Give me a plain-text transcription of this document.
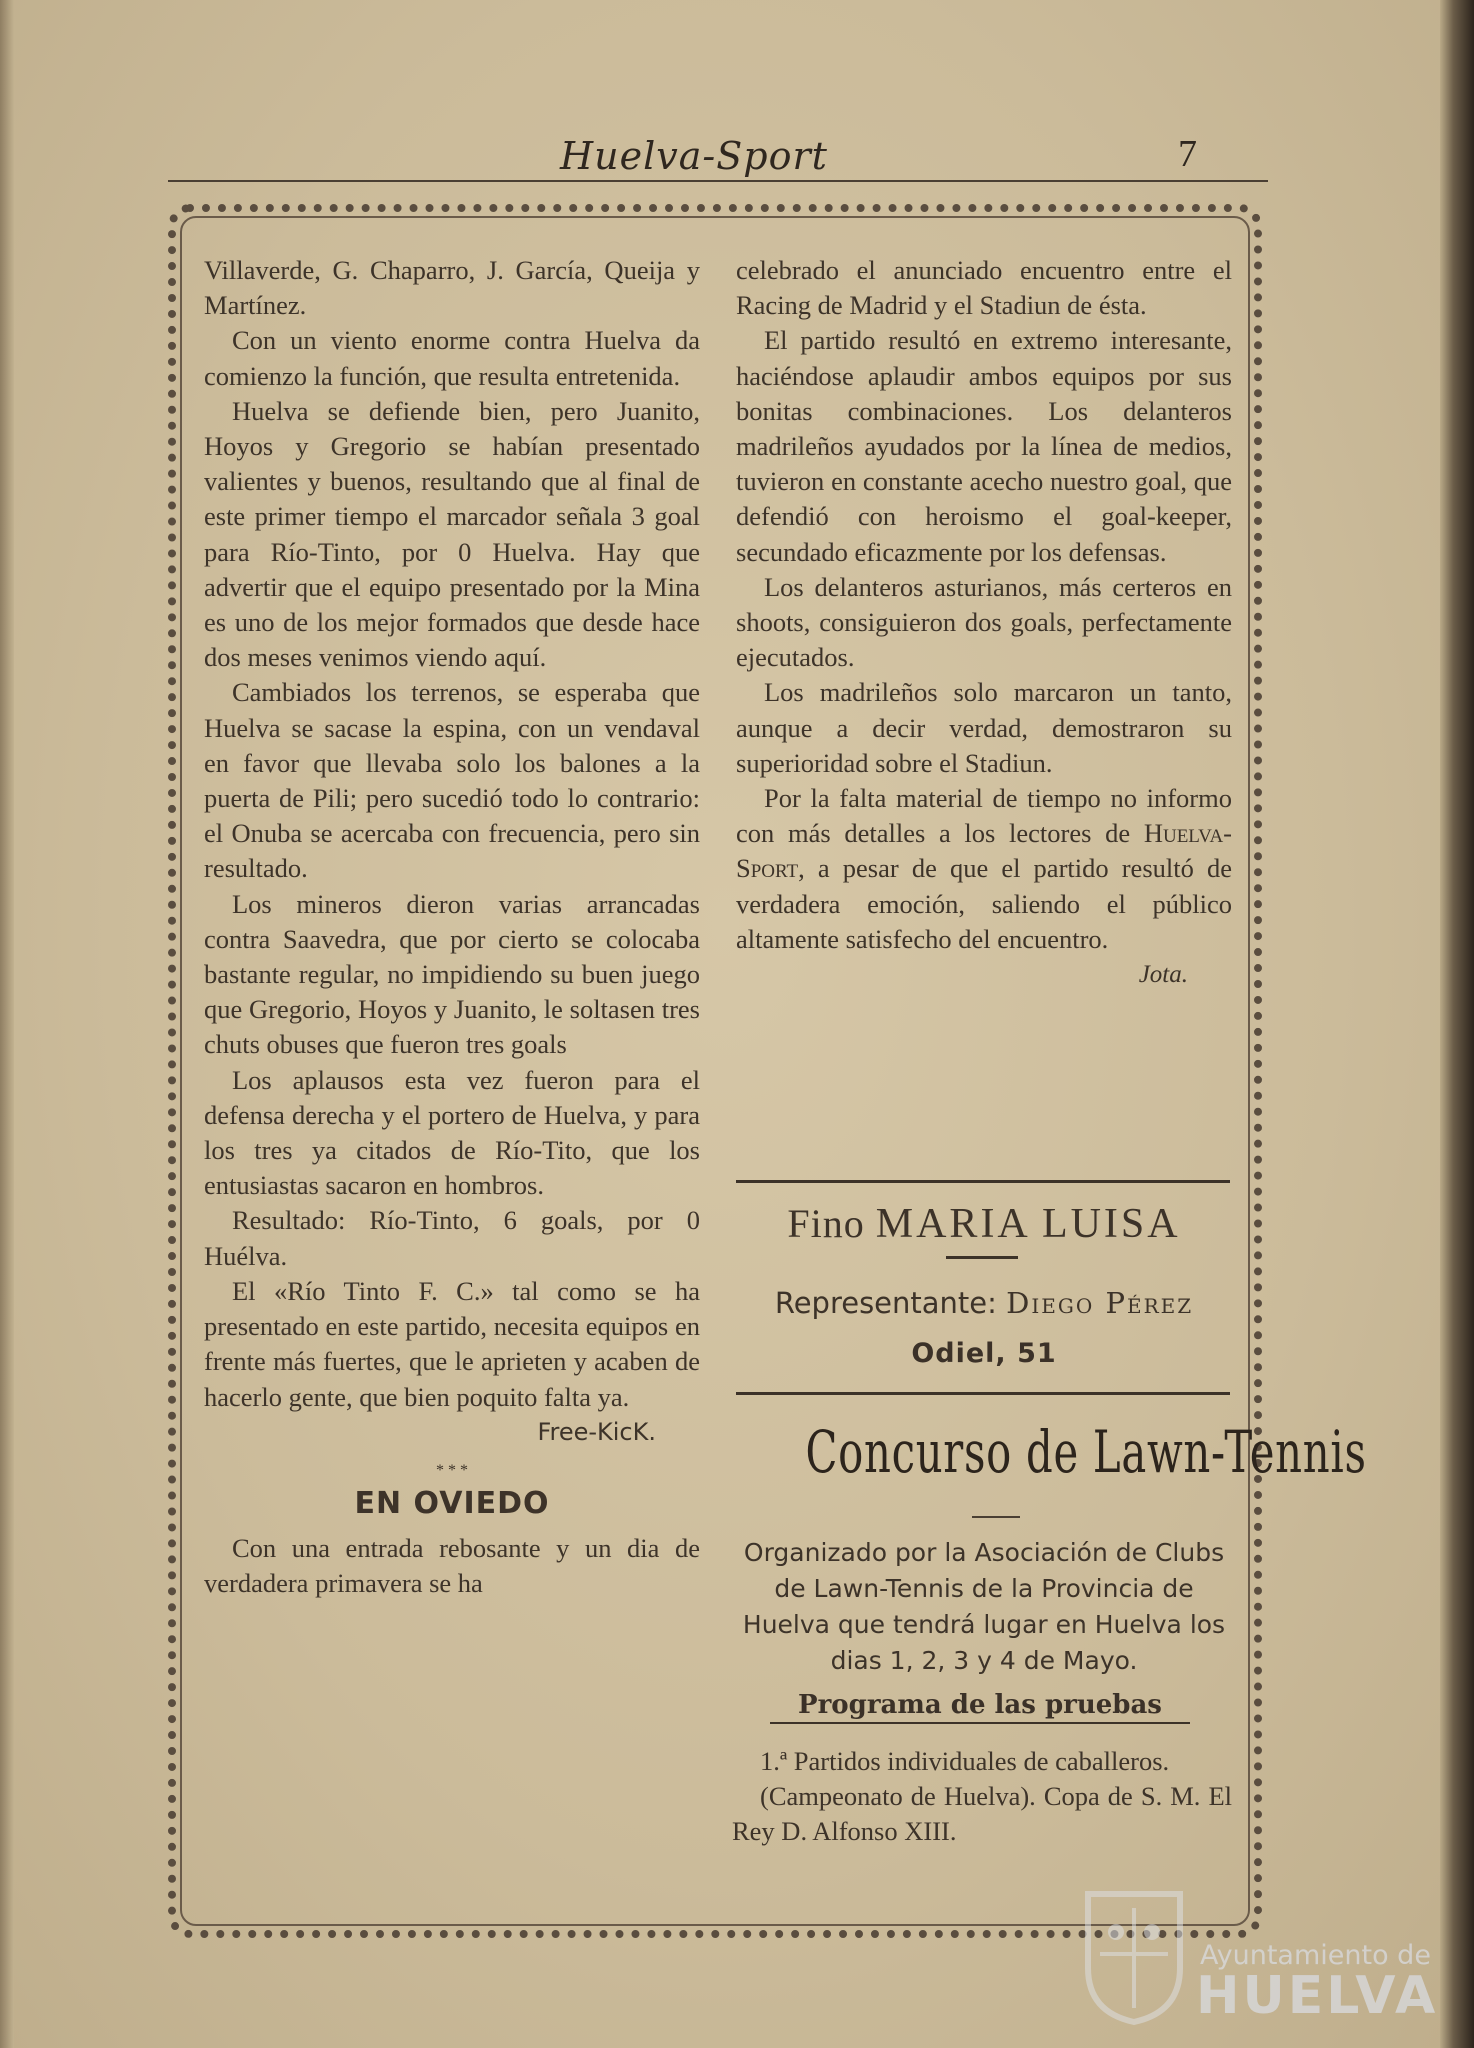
Huelva-Sport	7

Villaverde, G. Chaparro, J. García, Queija y Martínez.

Con un viento enorme contra Huelva da comienzo la función, que resulta entretenida.

Huelva se defiende bien, pero Juanito, Hoyos y Gregorio se habían presentado valientes y buenos, resultando que al final de este primer tiempo el marcador señala 3 goal para Río-Tinto, por 0 Huelva. Hay que advertir que el equipo presentado por la Mina es uno de los mejor formados que desde hace dos meses venimos viendo aquí.

Cambiados los terrenos, se esperaba que Huelva se sacase la espina, con un vendaval en favor que llevaba solo los balones a la puerta de Pili; pero sucedió todo lo contrario: el Onuba se acercaba con frecuencia, pero sin resultado.

Los mineros dieron varias arrancadas contra Saavedra, que por cierto se colocaba bastante regular, no impidiendo su buen juego que Gregorio, Hoyos y Juanito, le soltasen tres chuts obuses que fueron tres goals

Los aplausos esta vez fueron para el defensa derecha y el portero de Huelva, y para los tres ya citados de Río-Tito, que los entusiastas sacaron en hombros.

Resultado: Río-Tinto, 6 goals, por 0 Huélva.

El «Río Tinto F. C.» tal como se ha presentado en este partido, necesita equipos en frente más fuertes, que le aprieten y acaben de hacerlo gente, que bien poquito falta ya.

Free-KicK.
* * *
EN OVIEDO

Con una entrada rebosante y un dia de verdadera primavera se ha

celebrado el anunciado encuentro entre el Racing de Madrid y el Stadiun de ésta.

El partido resultó en extremo interesante, haciéndose aplaudir ambos equipos por sus bonitas combinaciones. Los delanteros madrileños ayudados por la línea de medios, tuvieron en constante acecho nuestro goal, que defendió con heroismo el goal-keeper, secundado eficazmente por los defensas.

Los delanteros asturianos, más certeros en shoots, consiguieron dos goals, perfectamente ejecutados.

Los madrileños solo marcaron un tanto, aunque a decir verdad, demostraron su superioridad sobre el Stadiun.

Por la falta material de tiempo no informo con más detalles a los lectores de Huelva-Sport, a pesar de que el partido resultó de verdadera emoción, saliendo el público altamente satisfecho del encuentro.

Jota.
Fino MARIA LUISA
Representante: Diego Pérez
Odiel, 51
Concurso de Lawn-Tennis
Organizado por la Asociación de Clubs de Lawn-Tennis de la Provincia de Huelva que tendrá lugar en Huelva los dias 1, 2, 3 y 4 de Mayo.
Programa de las pruebas

1.ª Partidos individuales de caballeros.

(Campeonato de Huelva). Copa de S. M. El Rey D. Alfonso XIII.

Ayuntamiento de
HUELVA
